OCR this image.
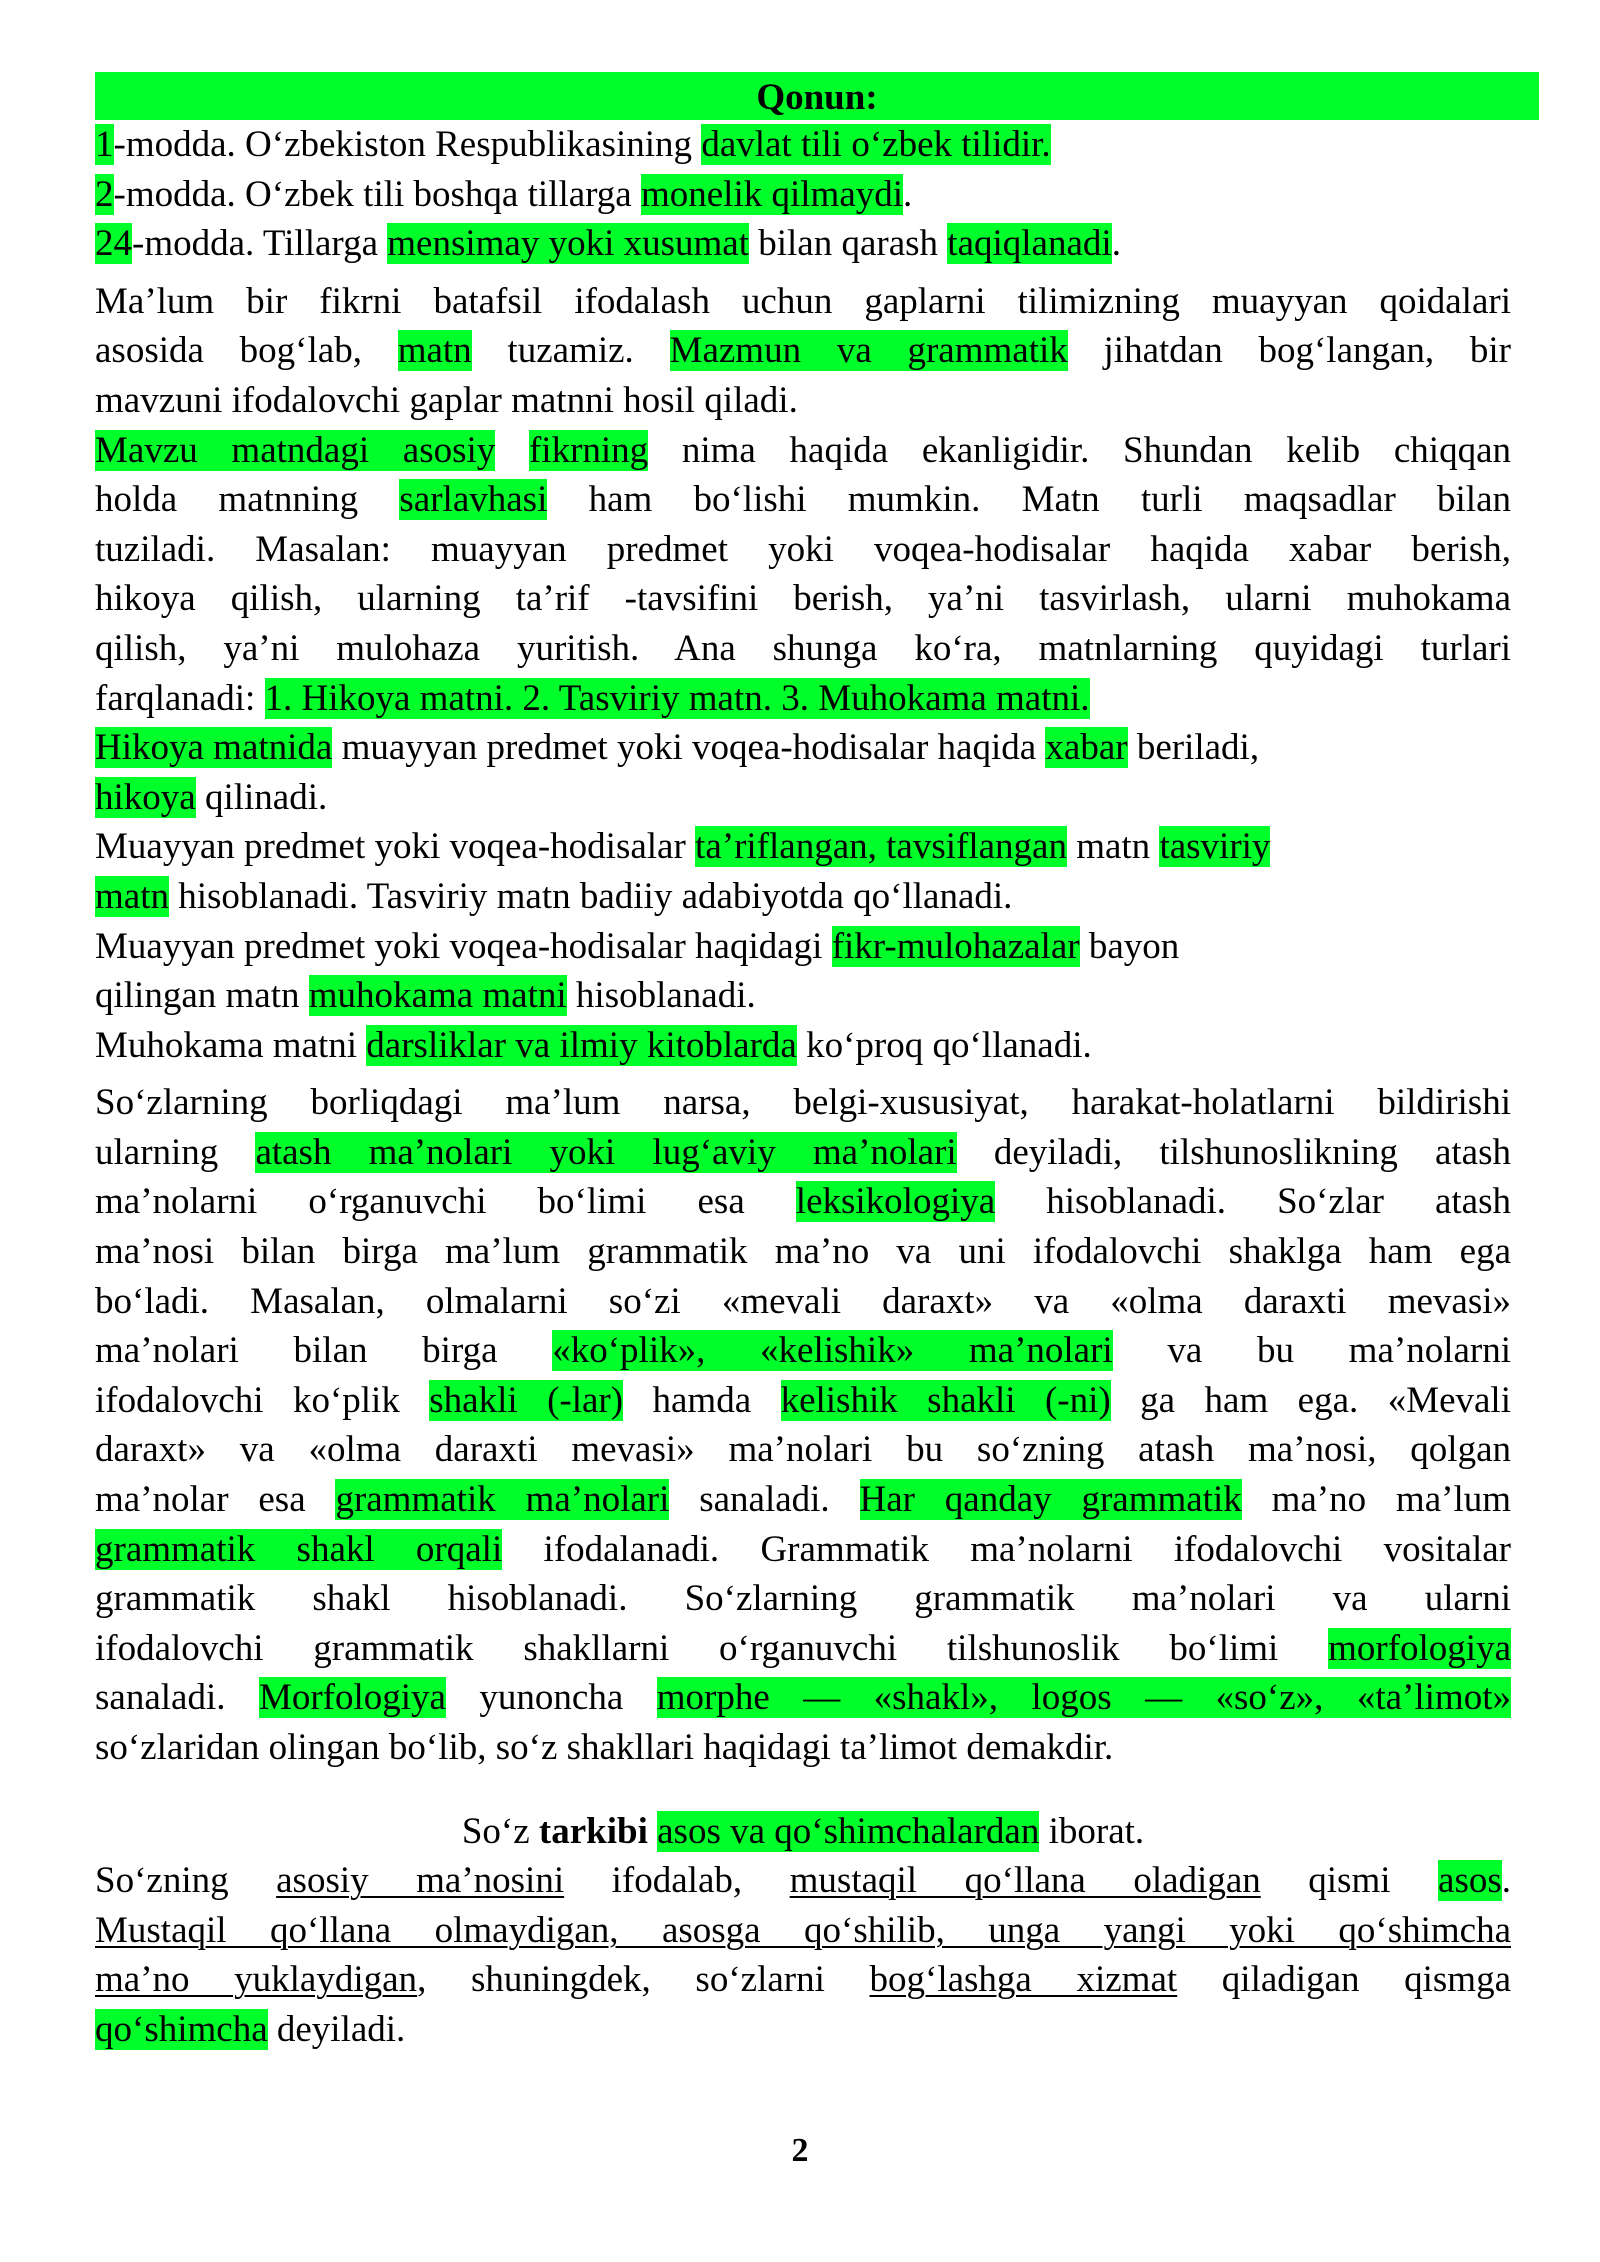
Qonun:
1-modda. O‘zbekiston Respublikasining davlat tili o‘zbek tilidir.
2-modda. O‘zbek tili boshqa tillarga monelik qilmaydi.
24-modda. Tillarga mensimay yoki xusumat bilan qarash taqiqlanadi.
Ma’lum bir fikrni batafsil ifodalash uchun gaplarni tilimizning muayyan qoidalari
asosida bog‘lab, matn tuzamiz. Mazmun va grammatik jihatdan bog‘langan, bir
mavzuni ifodalovchi gaplar matnni hosil qiladi.
Mavzu matndagi asosiy fikrning nima haqida ekanligidir. Shundan kelib chiqqan
holda matnning sarlavhasi ham bo‘lishi mumkin. Matn turli maqsadlar bilan
tuziladi. Masalan: muayyan predmet yoki voqea-hodisalar haqida xabar berish,
hikoya qilish, ularning ta’rif -tavsifini berish, ya’ni tasvirlash, ularni muhokama
qilish, ya’ni mulohaza yuritish. Ana shunga ko‘ra, matnlarning quyidagi turlari
farqlanadi: 1. Hikoya matni. 2. Tasviriy matn. 3. Muhokama matni.
Hikoya matnida muayyan predmet yoki voqea-hodisalar haqida xabar beriladi,
hikoya qilinadi.
Muayyan predmet yoki voqea-hodisalar ta’riflangan, tavsiflangan matn tasviriy
matn hisoblanadi. Tasviriy matn badiiy adabiyotda qo‘llanadi.
Muayyan predmet yoki voqea-hodisalar haqidagi fikr-mulohazalar bayon
qilingan matn muhokama matni hisoblanadi.
Muhokama matni darsliklar va ilmiy kitoblarda ko‘proq qo‘llanadi.
So‘zlarning borliqdagi ma’lum narsa, belgi-xususiyat, harakat-holatlarni bildirishi
ularning atash ma’nolari yoki lug‘aviy ma’nolari deyiladi, tilshunoslikning atash
ma’nolarni o‘rganuvchi bo‘limi esa leksikologiya hisoblanadi. So‘zlar atash
ma’nosi bilan birga ma’lum grammatik ma’no va uni ifodalovchi shaklga ham ega
bo‘ladi. Masalan, olmalarni so‘zi «mevali daraxt» va «olma daraxti mevasi»
ma’nolari bilan birga «ko‘plik», «kelishik» ma’nolari va bu ma’nolarni
ifodalovchi ko‘plik shakli (-lar) hamda kelishik shakli (-ni) ga ham ega. «Mevali
daraxt» va «olma daraxti mevasi» ma’nolari bu so‘zning atash ma’nosi, qolgan
ma’nolar esa grammatik ma’nolari sanaladi. Har qanday grammatik ma’no ma’lum
grammatik shakl orqali ifodalanadi. Grammatik ma’nolarni ifodalovchi vositalar
grammatik shakl hisoblanadi. So‘zlarning grammatik ma’nolari va ularni
ifodalovchi grammatik shakllarni o‘rganuvchi tilshunoslik bo‘limi morfologiya
sanaladi. Morfologiya yunoncha morphe — «shakl», logos — «so‘z», «ta’limot»
so‘zlaridan olingan bo‘lib, so‘z shakllari haqidagi ta’limot demakdir.
So‘z tarkibi asos va qo‘shimchalardan iborat.
So‘zning asosiy ma’nosini ifodalab, mustaqil qo‘llana oladigan qismi asos.
Mustaqil qo‘llana olmaydigan, asosga qo‘shilib, unga yangi yoki qo‘shimcha
ma’no yuklaydigan, shuningdek, so‘zlarni bog‘lashga xizmat qiladigan qismga
qo‘shimcha deyiladi.
2
